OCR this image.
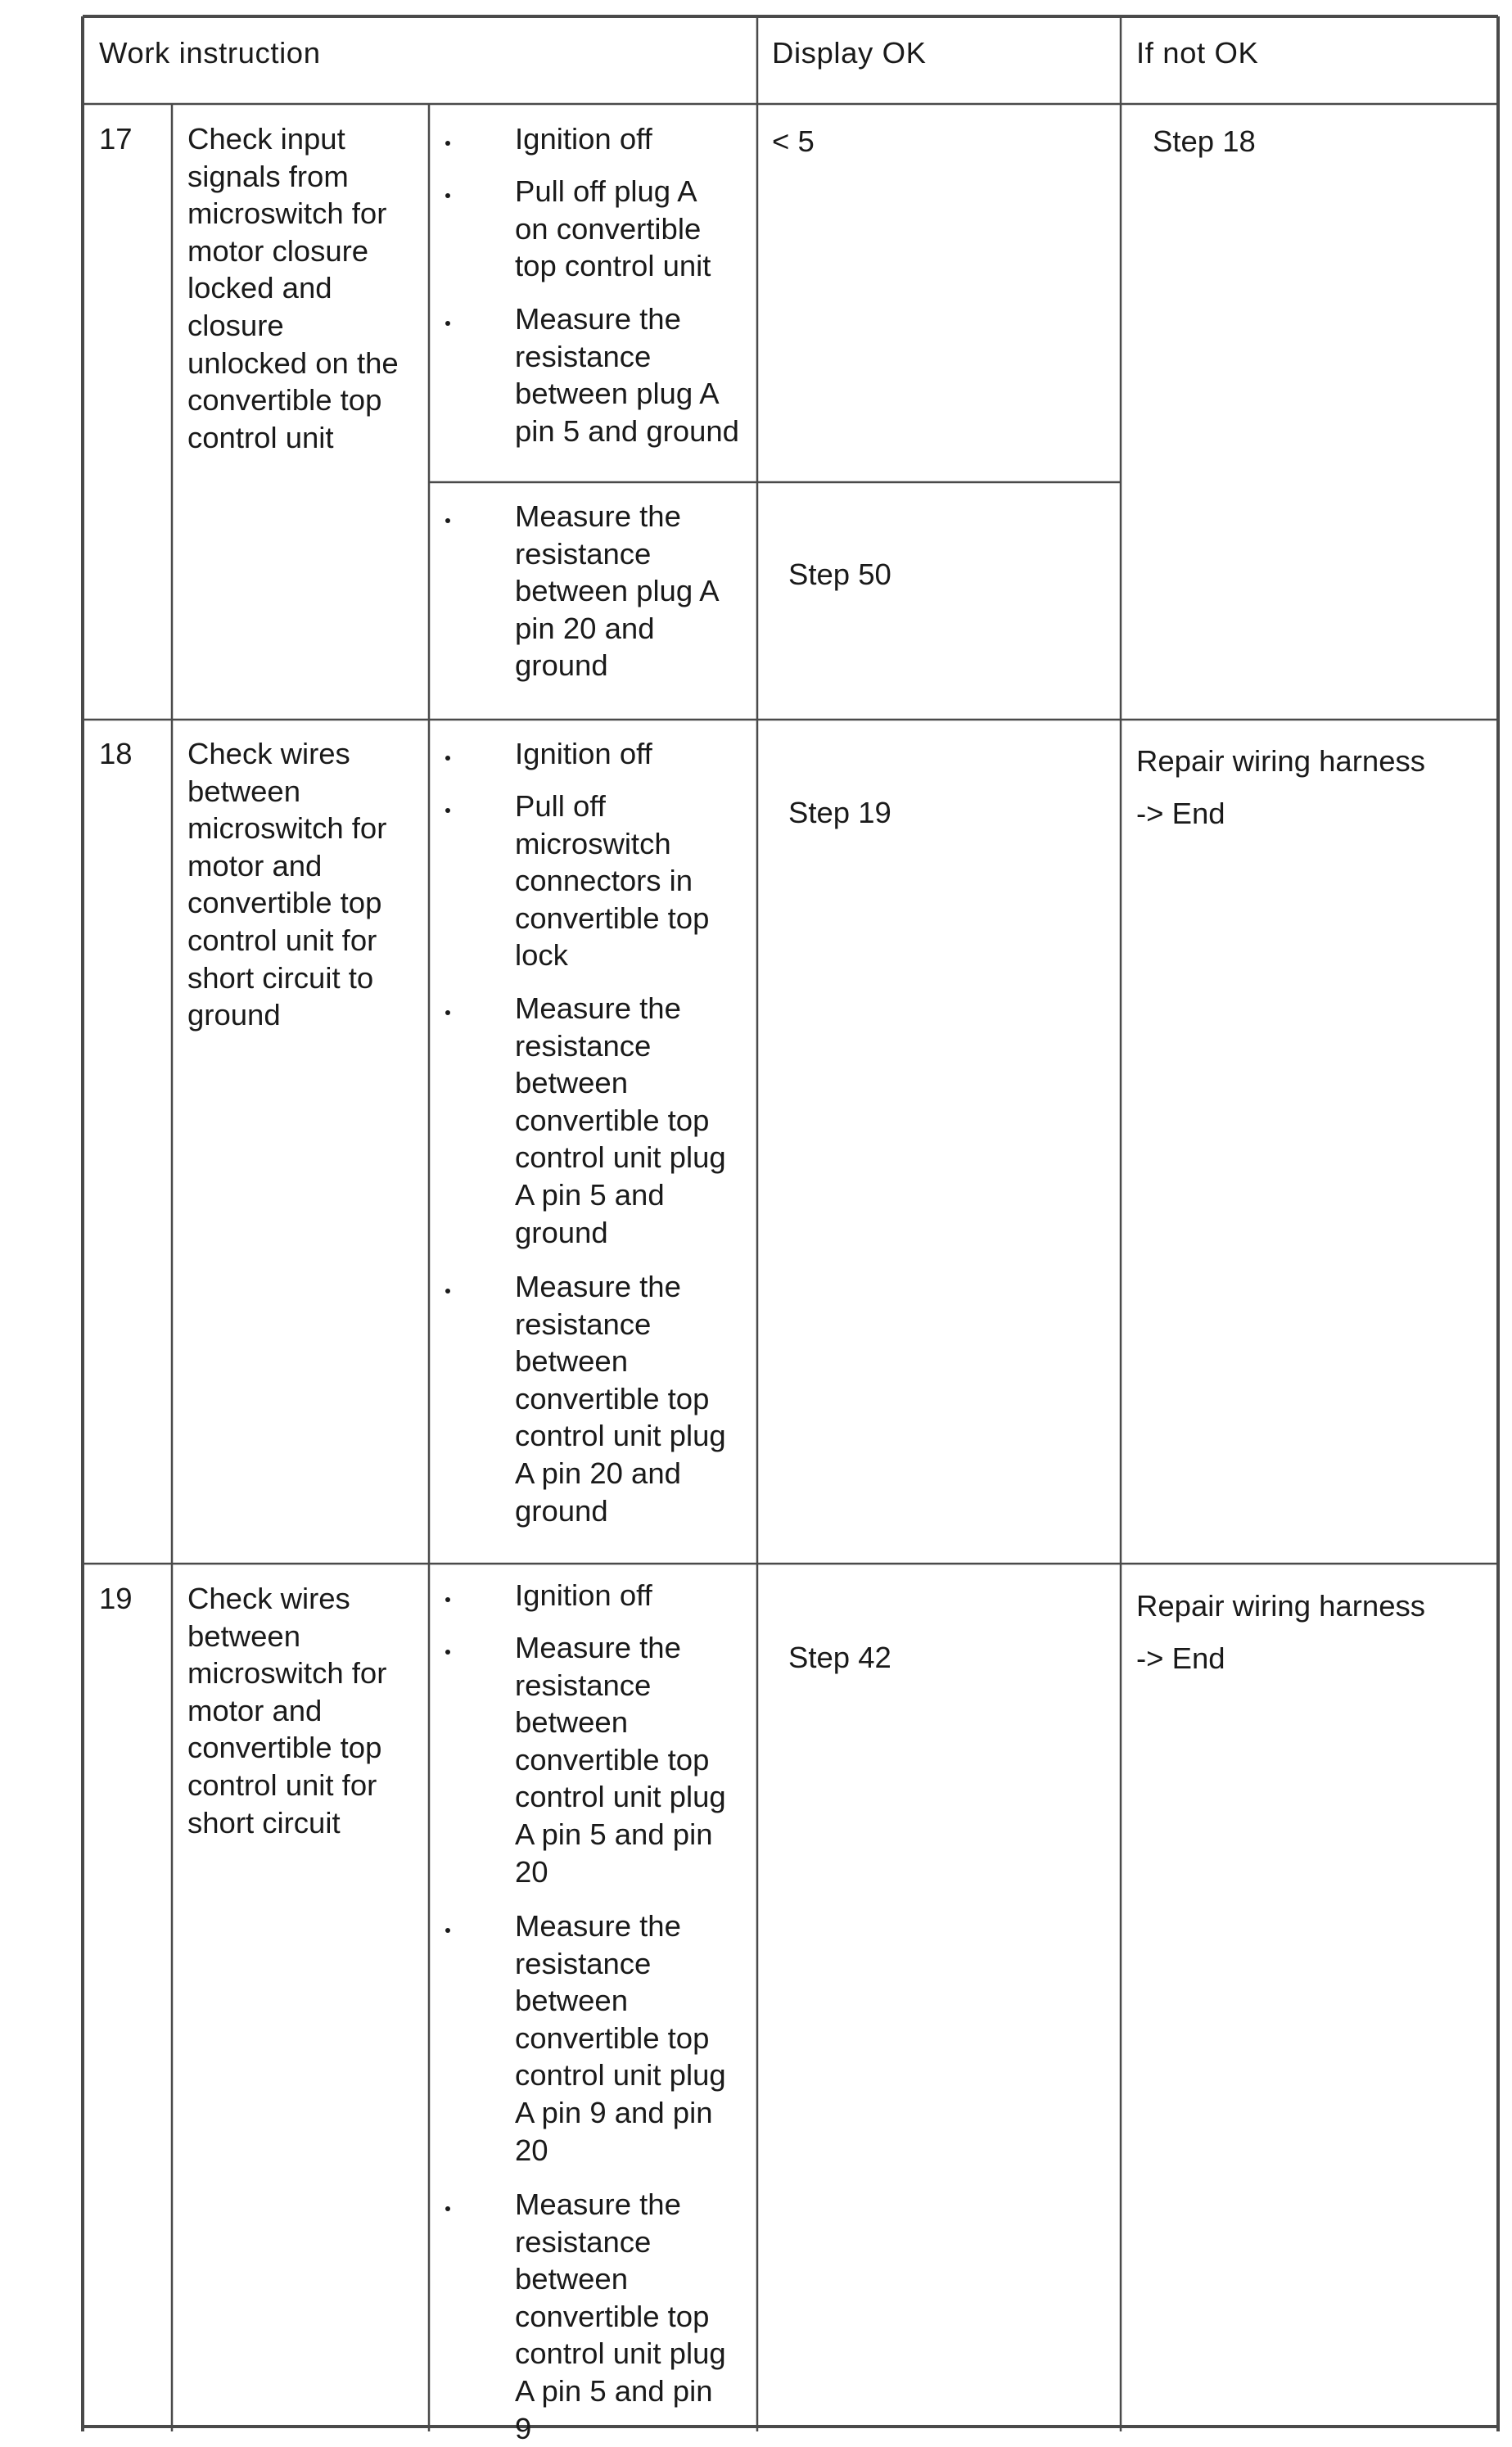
Work instruction	Display OK	If not OK
17 Check input
signals from
microswitch for
motor closure
locked and
closure
unlocked on the
convertible top
control unit
Ignition off
Pull off plug A
on convertible
top control unit
Measure the
resistance
between plug A
pin 5 and ground
< 5
Measure the
resistance
between plug A
pin 20 and
ground
Step 50
Step 18
18 Check wires
between
microswitch for
motor and
convertible top
control unit for
short circuit to
ground
Ignition off
Pull off
microswitch
connectors in
convertible top
lock
Measure the
resistance
between
convertible top
control unit plug
A pin 5 and
ground
Measure the
resistance
between
convertible top
control unit plug
A pin 20 and
ground
Step 19
Repair wiring harness
-> End
19 Check wires
between
microswitch for
motor and
convertible top
control unit for
short circuit
Ignition off
Measure the
resistance
between
convertible top
control unit plug
A pin 5 and pin
20
Measure the
resistance
between
convertible top
control unit plug
A pin 9 and pin
20
Measure the
resistance
between
convertible top
control unit plug
A pin 5 and pin
9
Step 42
Repair wiring harness
-> End
